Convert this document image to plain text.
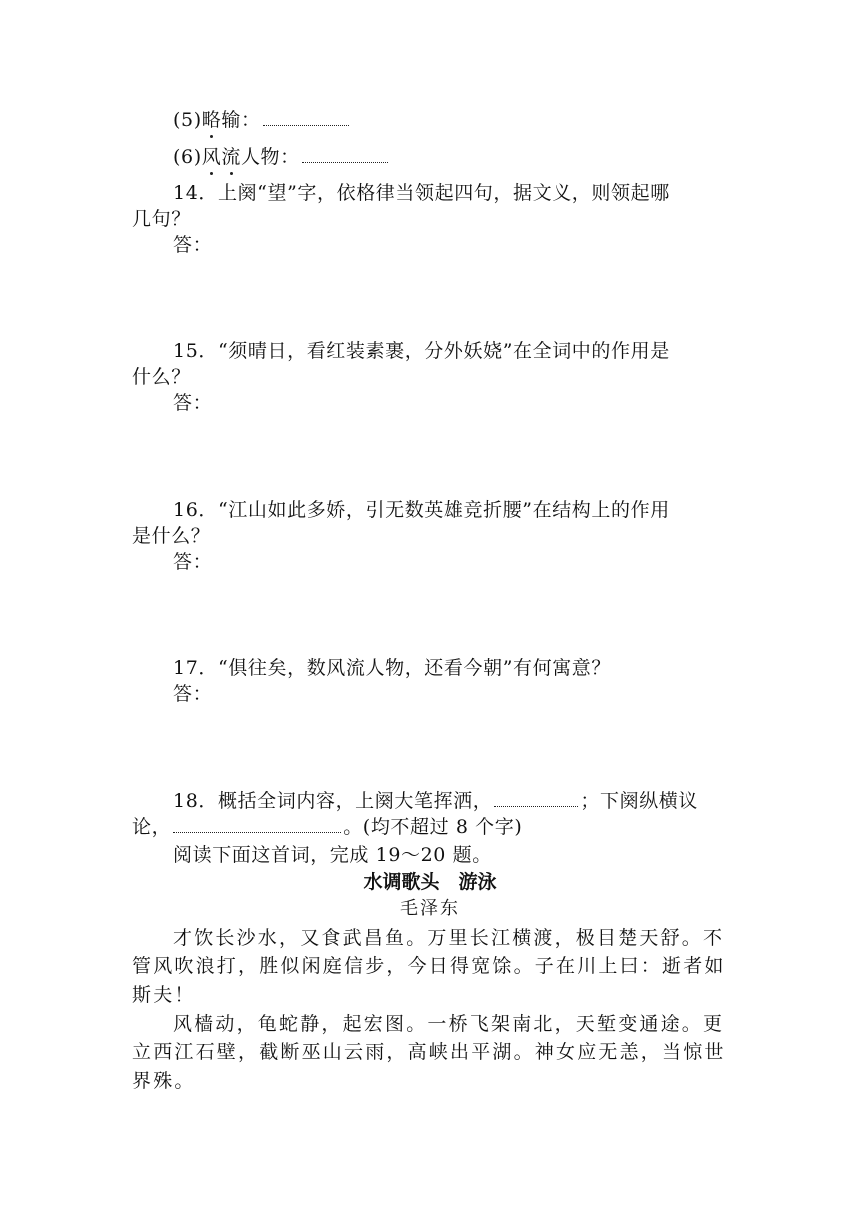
(5)略输：
(6)风流人物：
14．上阕“望”字，依格律当领起四句，据文义，则领起哪
几句？
答：
15．“须晴日，看红装素裹，分外妖娆”在全词中的作用是
什么？
答：
16．“江山如此多娇，引无数英雄竞折腰”在结构上的作用
是什么？
答：
17．“俱往矣，数风流人物，还看今朝”有何寓意？
答：
18．概括全词内容，上阕大笔挥洒，	；下阕纵横议
论，	。(均不超过 8 个字)
阅读下面这首词，完成 19～20 题。
水调歌头　游泳
毛泽东
才饮长沙水，又食武昌鱼。万里长江横渡，极目楚天舒。不
管风吹浪打，胜似闲庭信步，今日得宽馀。子在川上曰：逝者如
斯夫！
风樯动，龟蛇静，起宏图。一桥飞架南北，天堑变通途。更
立西江石壁，截断巫山云雨，高峡出平湖。神女应无恙，当惊世
界殊。
